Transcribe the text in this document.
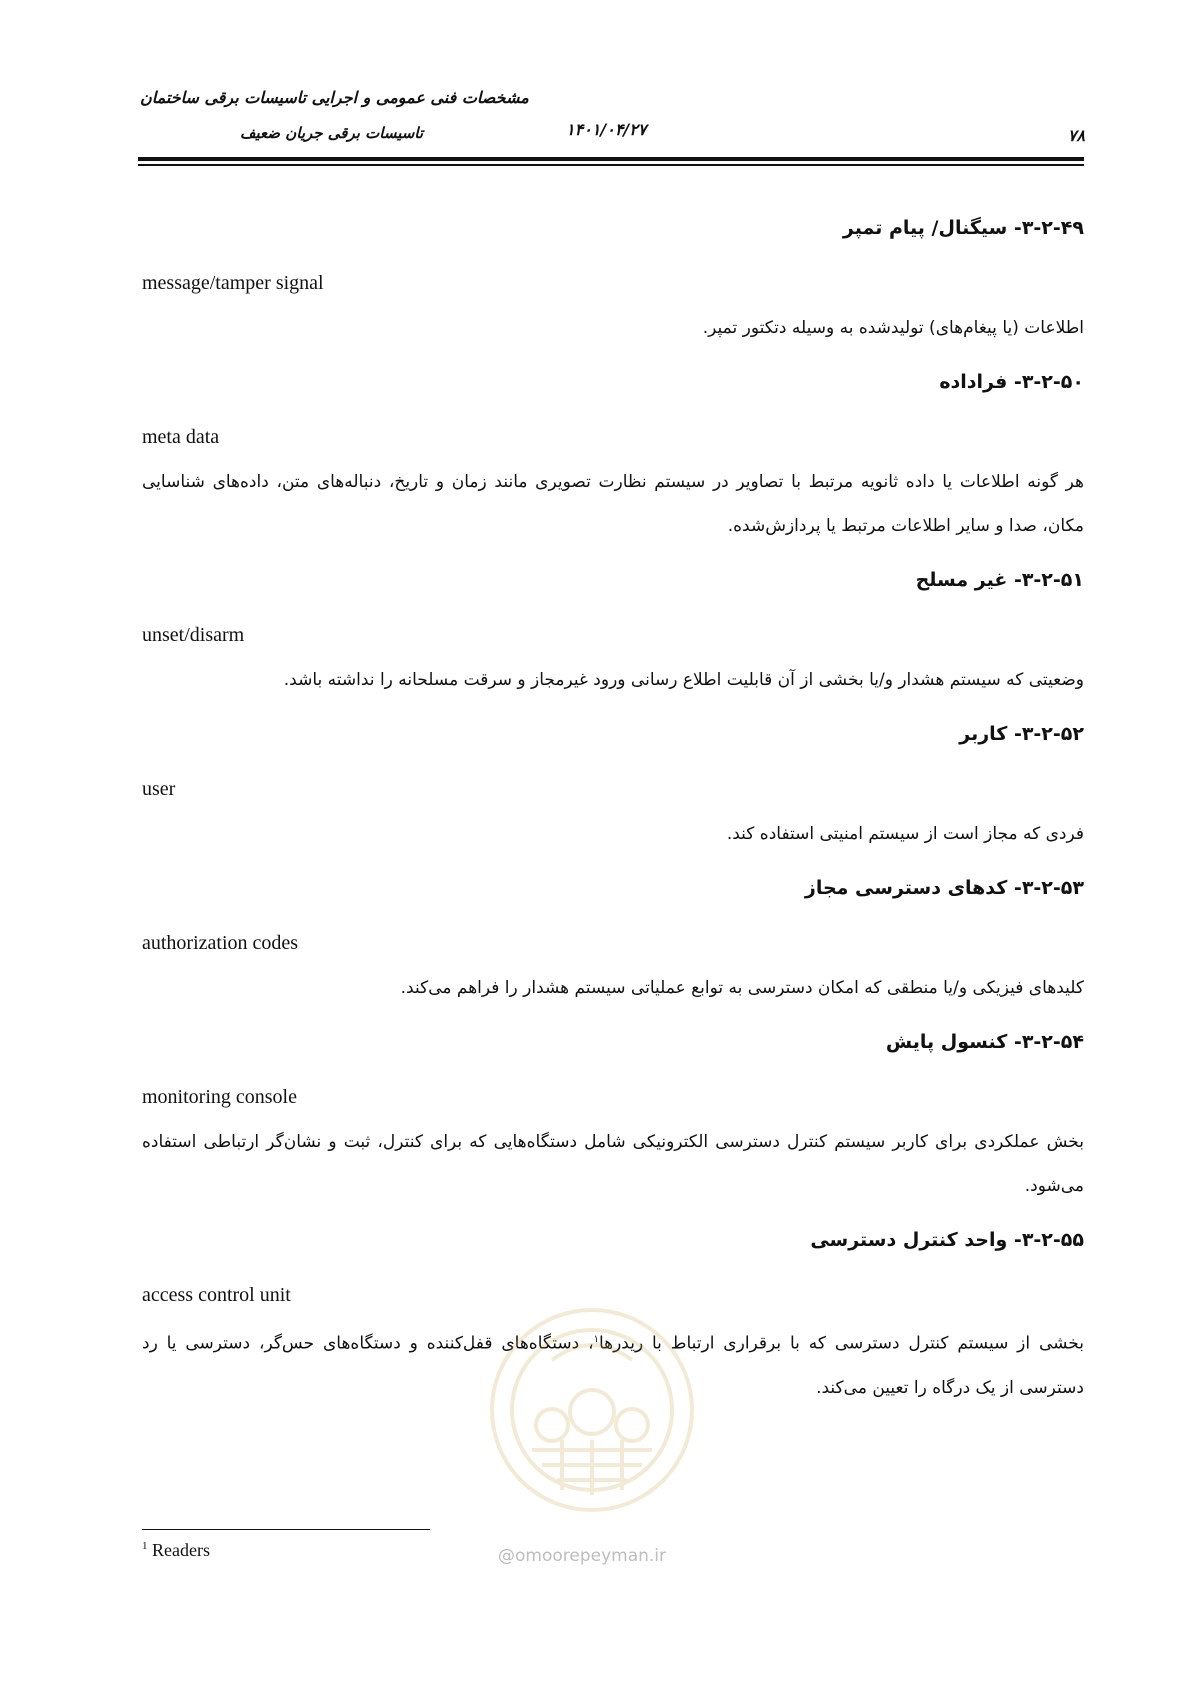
مشخصات فنی عمومی و اجرایی تاسیسات برقی ساختمان
تاسیسات برقی جریان ضعیف	۱۴۰۱/۰۴/۲۷	۷۸
۳-۲-۴۹- سیگنال/ پیام تمپر
message/tamper signal
اطلاعات (یا پیغام‌های) تولیدشده به وسیله دتکتور تمپر.
۳-۲-۵۰- فراداده
meta data
هر گونه اطلاعات یا داده ثانویه مرتبط با تصاویر در سیستم نظارت تصویری مانند زمان و تاریخ، دنباله‌های متن، داده‌های شناسایی مکان، صدا و سایر اطلاعات مرتبط یا پردازش‌شده.
۳-۲-۵۱- غیر مسلح
unset/disarm
وضعیتی که سیستم هشدار و/یا بخشی از آن قابلیت اطلاع رسانی ورود غیرمجاز و سرقت مسلحانه را نداشته باشد.
۳-۲-۵۲- کاربر
user
فردی که مجاز است از سیستم امنیتی استفاده کند.
۳-۲-۵۳- کدهای دسترسی مجاز
authorization codes
کلیدهای فیزیکی و/یا منطقی که امکان دسترسی به توابع عملیاتی سیستم هشدار را فراهم می‌کند.
۳-۲-۵۴- کنسول پایش
monitoring console
بخش عملکردی برای کاربر سیستم کنترل دسترسی الکترونیکی شامل دستگاه‌هایی که برای کنترل، ثبت و نشان‌گر ارتباطی استفاده می‌شود.
۳-۲-۵۵- واحد کنترل دسترسی
access control unit
بخشی از سیستم کنترل دسترسی که با برقراری ارتباط با ریدرها$^۱$، دستگاه‌های قفل‌کننده و دستگاه‌های حس‌گر، دسترسی یا رد دسترسی از یک درگاه را تعیین می‌کند.
@omoorepeyman.ir
$^1$ Readers
